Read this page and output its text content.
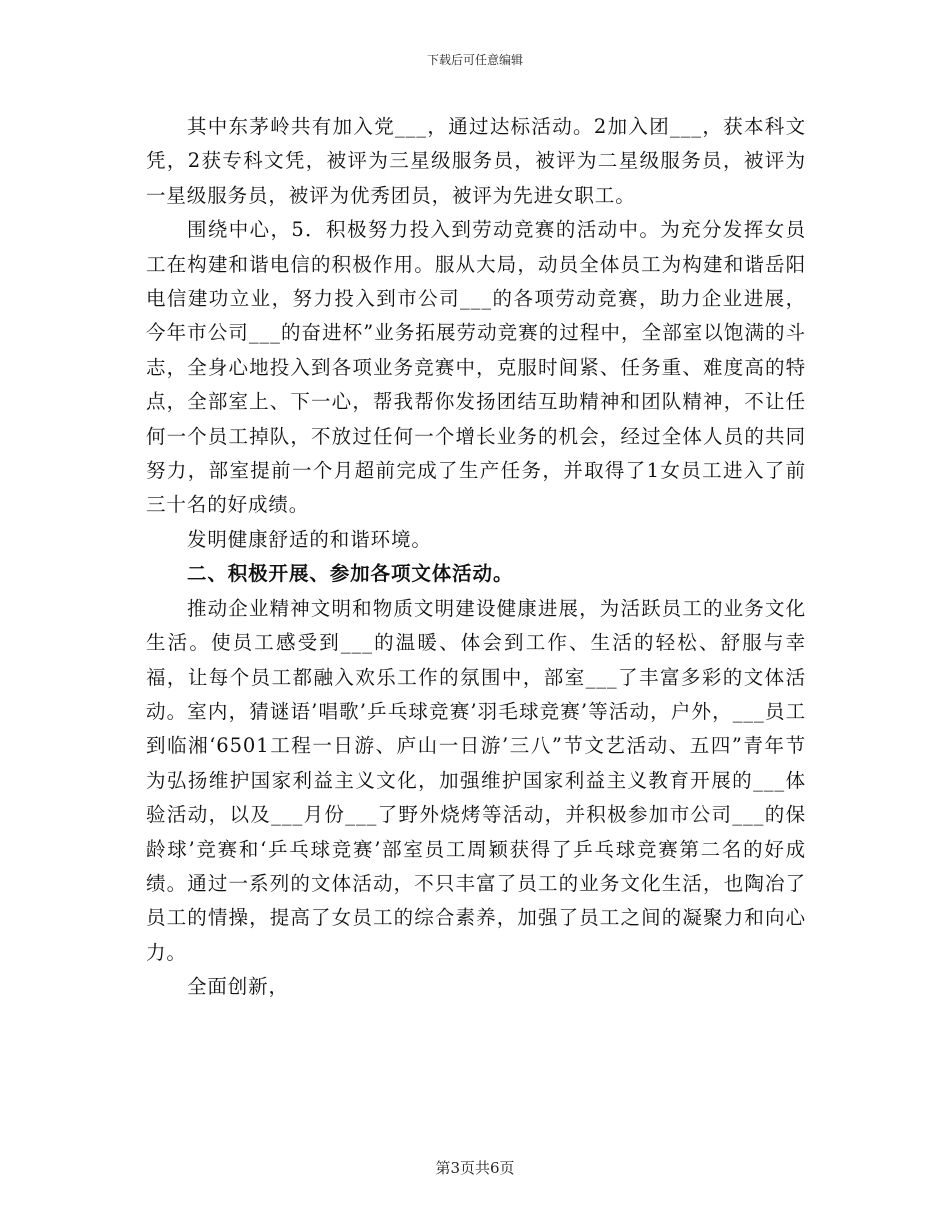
下载后可任意编辑

其中东茅岭共有加入党___，通过达标活动。2加入团___，获本科文凭，2获专科文凭，被评为三星级服务员，被评为二星级服务员，被评为一星级服务员，被评为优秀团员，被评为先进女职工。

围绕中心，5．积极努力投入到劳动竞赛的活动中。为充分发挥女员工在构建和谐电信的积极作用。服从大局，动员全体员工为构建和谐岳阳电信建功立业，努力投入到市公司___的各项劳动竞赛，助力企业进展，今年市公司___的奋进杯”业务拓展劳动竞赛的过程中，全部室以饱满的斗志，全身心地投入到各项业务竞赛中，克服时间紧、任务重、难度高的特点，全部室上、下一心，帮我帮你发扬团结互助精神和团队精神，不让任何一个员工掉队，不放过任何一个增长业务的机会，经过全体人员的共同努力，部室提前一个月超前完成了生产任务，并取得了1女员工进入了前三十名的好成绩。

发明健康舒适的和谐环境。

二、积极开展、参加各项文体活动。

推动企业精神文明和物质文明建设健康进展，为活跃员工的业务文化生活。使员工感受到___的温暖、体会到工作、生活的轻松、舒服与幸福，让每个员工都融入欢乐工作的氛围中，部室___了丰富多彩的文体活动。室内，猜谜语’唱歌’乒乓球竞赛’羽毛球竞赛’等活动，户外，___员工到临湘‘6501工程一日游、庐山一日游’三八”节文艺活动、五四”青年节为弘扬维护国家利益主义文化，加强维护国家利益主义教育开展的___体验活动，以及___月份___了野外烧烤等活动，并积极参加市公司___的保龄球’竞赛和‘乒乓球竞赛’部室员工周颖获得了乒乓球竞赛第二名的好成绩。通过一系列的文体活动，不只丰富了员工的业务文化生活，也陶冶了员工的情操，提高了女员工的综合素养，加强了员工之间的凝聚力和向心力。

全面创新，

第3页共6页
